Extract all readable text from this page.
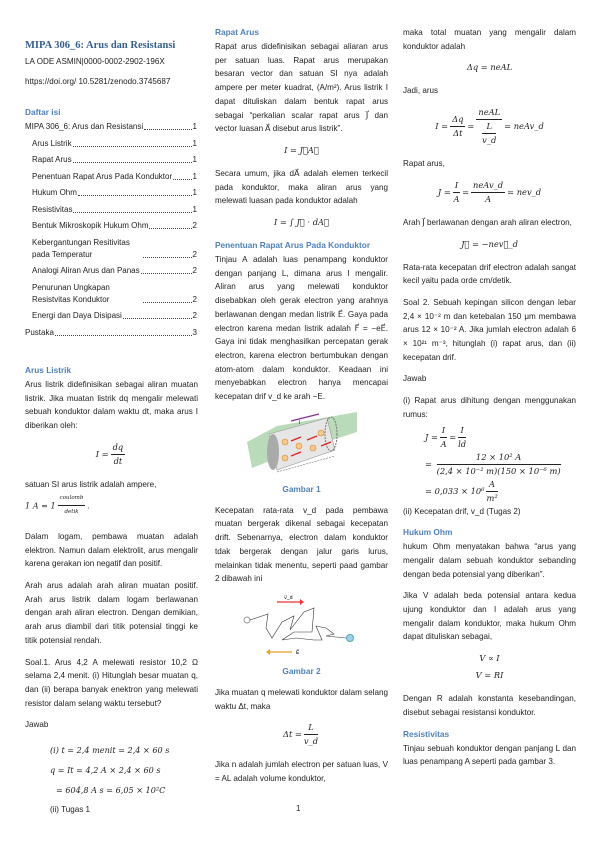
MIPA 306_6: Arus dan Resistansi
LA ODE ASMIN|0000-0002-2902-196X
https://doi.org/ 10.5281/zenodo.3745687
Daftar isi
MIPA 306_6: Arus dan Resistansi	1
Arus Listrik	1
Rapat Arus	1
Penentuan Rapat Arus Pada Konduktor	1
Hukum Ohm	1
Resistivitas	1
Bentuk Mikroskopik Hukum Ohm	2
Kebergantungan Resitivitas pada Temperatur	2
Analogi Aliran Arus dan Panas	2
Penurunan Ungkapan Resistvitas Konduktor	2
Energi dan Daya Disipasi	2
Pustaka	3
Arus Listrik

Arus listrik didefinisikan sebagai aliran muatan listrik. Jika muatan listrik dq mengalir melewati sebuah konduktor dalam waktu dt, maka arus I diberikan oleh:

$I = \frac{dq}{dt}$

satuan SI arus listrik adalah ampere,
1 A = 1
coulomb
detik
.

Dalam logam, pembawa muatan adalah elektron. Namun dalam elektrolit, arus mengalir karena gerakan ion negatif dan positif.

Arah arus adalah arah aliran muatan positif. Arah arus listrik dalam logam berlawanan dengan arah aliran electron. Dengan demikian, arah arus diambil dari titik potensial tinggi ke titik potensial rendah.

Soal.1. Arus 4,2 A melewati resistor 10,2 Ω selama 2,4 menit. (i) Hitunglah besar muatan q, dan (ii) berapa banyak enektron yang melewati resistor dalam selang waktu tersebut?

Jawab

(i) t = 2,4 menit = 2,4 × 60 s
q = It = 4,2 A × 2,4 × 60 s
= 604,8 A s = 6,05 × 10²C
(ii) Tugas 1
Rapat Arus

Rapat arus didefinisikan sebagai aliaran arus per satuan luas. Rapat arus merupakan besaran vector dan satuan SI nya adalah ampere per meter kuadrat, (A/m²). Arus listrik I dapat dituliskan dalam bentuk rapat arus sebagai “perkalian scalar rapat arus J⃗ dan vector luasan A⃗ disebut arus listrik”.

I = J⃗A⃗

Secara umum, jika dA⃗ adalah elemen terkecil pada konduktor, maka aliran arus yang melewati luasan pada konduktor adalah

I = ∫ J⃗ · dA⃗
Penentuan Rapat Arus Pada Konduktor

Tinjau A adalah luas penampang konduktor dengan panjang L, dimana arus I mengalir. Aliran arus yang melewati konduktor disebabkan oleh gerak electron yang arahnya berlawanan dengan medan listrik E⃗. Gaya pada electron karena medan listrik adalah F⃗ = −eE⃗. Gaya ini tidak menghasilkan percepatan gerak electron, karena electron bertumbukan dengan atom-atom dalam konduktor. Keadaan ini menyebabkan electron hanya mencapai kecepatan drif v_d ke arah −E.

I
Gambar 1

Kecepatan rata-rata v_d pada pembawa muatan bergerak dikenal sebagai kecepatan drift. Sebenarnya, electron dalam konduktor tdak bergerak dengan jalur garis lurus, melainkan tidak menentu, seperti paad gambar 2 dibawah ini

v⃗_d
E⃗
Gambar 2

Jika muatan q melewati konduktor dalam selang waktu Δt, maka

$\Delta t = \frac{L}{v\_d}$

Jika n adalah jumlah electron per satuan luas, V = AL adalah volume konduktor,

maka total muatan yang mengalir dalam konduktor adalah

Δq = neAL

Jadi, arus

$I = \frac{\Delta q}{\Delta t}$ =
neAL
$\frac{L}{v\_d}$ = neAv_d

Rapat arus,

$J = \frac{I}{A}$ =
neAv_d
A
= nev_d

Arah J⃗ berlawanan dengan arah aliran electron,

J⃗ = −nev⃗_d

Rata-rata kecepatan drif electron adalah sangat kecil yaitu pada orde cm/detik.

Soal 2. Sebuah kepingan silicon dengan lebar 2,4 × 10⁻² m dan ketebalan 150 μm membawa arus 12 × 10⁻² A. Jika jumlah electron adalah 6 × 10²¹ m⁻³, hitunglah (i) rapat arus, dan (ii) kecepatan drif.

Jawab

(i) Rapat arus dihitung dengan menggunakan rumus:

$J = \frac{I}{A} = \frac{I}{ld}$
= $\frac{\text{12 × 10² A}}{\text{(2,4 × 10⁻² m)(150 × 10⁻⁶ m)}}$
= $0,033 \times 10^6 \frac{A}{\text{m²}}$

(ii) Kecepatan drif, v_d (Tugas 2)

Hukum Ohm

hukum Ohm menyatakan bahwa “arus yang mengalir dalam sebuah konduktor sebanding dengan beda potensial yang diberikan”.

Jika V adalah beda potensial antara kedua ujung konduktor dan I adalah arus yang mengalir dalam konduktor, maka hukum Ohm dapat dituliskan sebagai,

V ∝ I
V = RI

Dengan R adalah konstanta kesebandingan, disebut sebagai resistansi konduktor.

Resistivitas

Tinjau sebuah konduktor dengan panjang L dan luas penampang A seperti pada gambar 3.

1
